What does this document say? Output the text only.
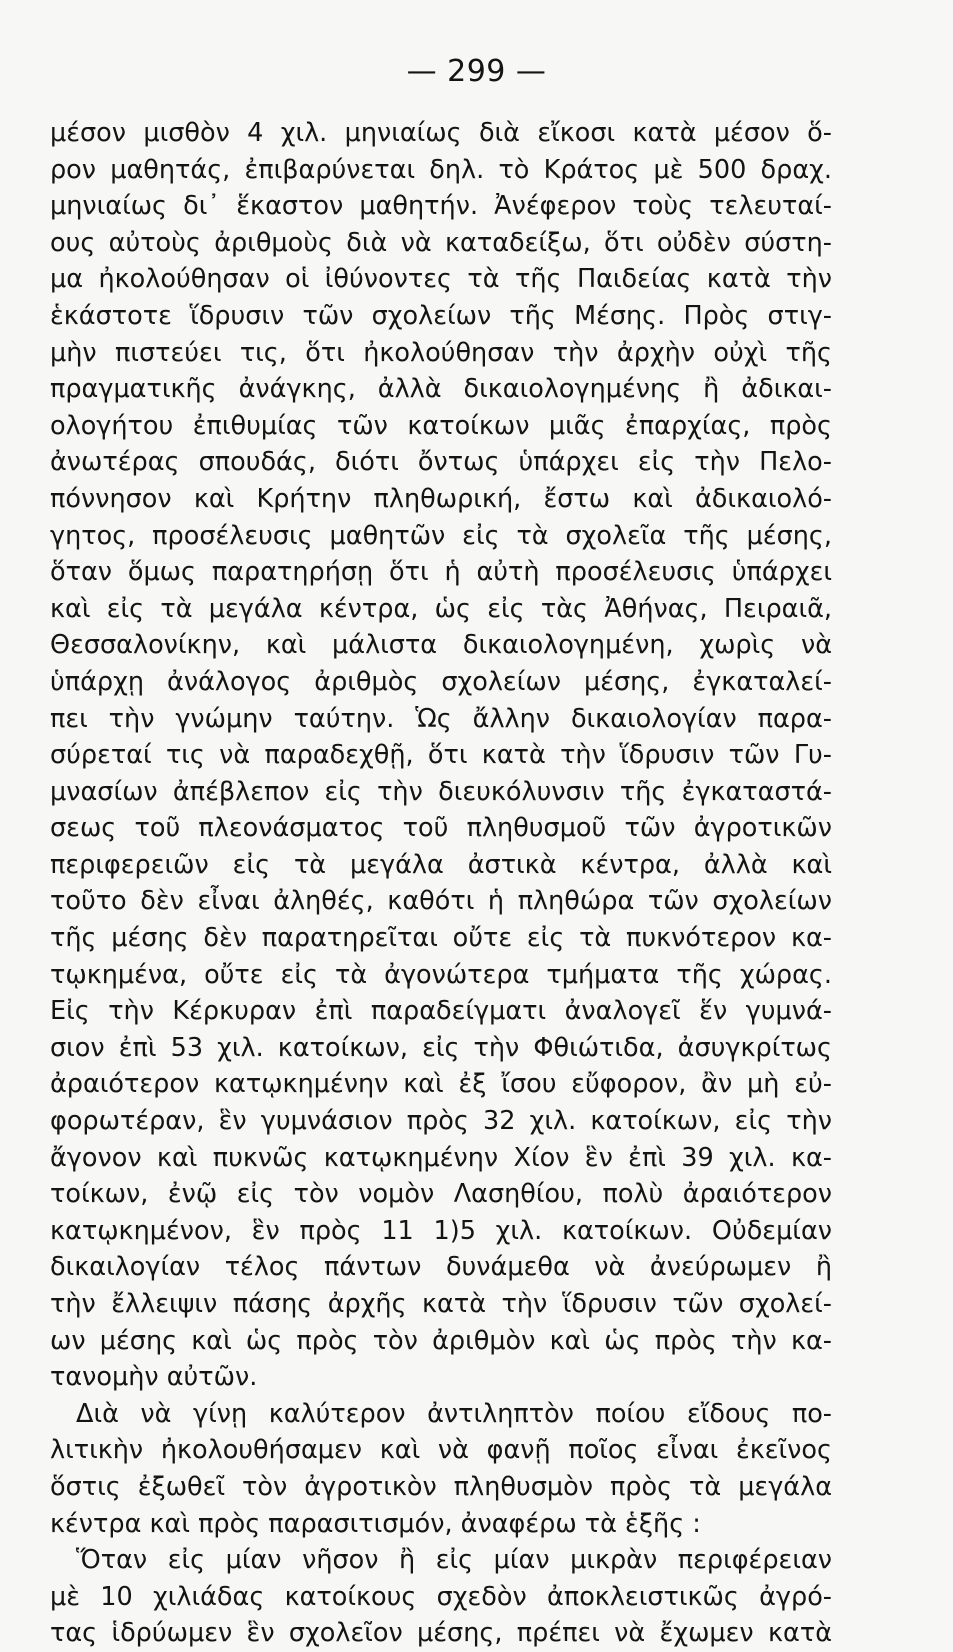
— 299 —
μέσον μισθὸν 4 χιλ. μηνιαίως διὰ εἴκοσι κατὰ μέσον ὅ-
ρον μαθητάς, ἐπιβαρύνεται δηλ. τὸ Κράτος μὲ 500 δραχ.
μηνιαίως δι᾽ ἕκαστον μαθητήν. Ἀνέφερον τοὺς τελευταί-
ους αὐτοὺς ἀριθμοὺς διὰ νὰ καταδείξω, ὅτι οὐδὲν σύστη-
μα ἠκολούθησαν οἱ ἰθύνοντες τὰ τῆς Παιδείας κατὰ τὴν
ἑκάστοτε ἵδρυσιν τῶν σχολείων τῆς Μέσης. Πρὸς στιγ-
μὴν πιστεύει τις, ὅτι ἠκολούθησαν τὴν ἀρχὴν οὐχὶ τῆς
πραγματικῆς ἀνάγκης, ἀλλὰ δικαιολογημένης ἢ ἀδικαι-
ολογήτου ἐπιθυμίας τῶν κατοίκων μιᾶς ἐπαρχίας, πρὸς
ἀνωτέρας σπουδάς, διότι ὄντως ὑπάρχει εἰς τὴν Πελο-
πόννησον καὶ Κρήτην πληθωρική, ἔστω καὶ ἀδικαιολό-
γητος, προσέλευσις μαθητῶν εἰς τὰ σχολεῖα τῆς μέσης,
ὅταν ὅμως παρατηρήσῃ ὅτι ἡ αὐτὴ προσέλευσις ὑπάρχει
καὶ εἰς τὰ μεγάλα κέντρα, ὡς εἰς τὰς Ἀθήνας, Πειραιᾶ,
Θεσσαλονίκην, καὶ μάλιστα δικαιολογημένη, χωρὶς νὰ
ὑπάρχῃ ἀνάλογος ἀριθμὸς σχολείων μέσης, ἐγκαταλεί-
πει τὴν γνώμην ταύτην. Ὡς ἄλλην δικαιολογίαν παρα-
σύρεταί τις νὰ παραδεχθῇ, ὅτι κατὰ τὴν ἵδρυσιν τῶν Γυ-
μνασίων ἀπέβλεπον εἰς τὴν διευκόλυνσιν τῆς ἐγκαταστά-
σεως τοῦ πλεονάσματος τοῦ πληθυσμοῦ τῶν ἀγροτικῶν
περιφερειῶν εἰς τὰ μεγάλα ἀστικὰ κέντρα, ἀλλὰ καὶ
τοῦτο δὲν εἶναι ἀληθές, καθότι ἡ πληθώρα τῶν σχολείων
τῆς μέσης δὲν παρατηρεῖται οὔτε εἰς τὰ πυκνότερον κα-
τῳκημένα, οὔτε εἰς τὰ ἀγονώτερα τμήματα τῆς χώρας.
Εἰς τὴν Κέρκυραν ἐπὶ παραδείγματι ἀναλογεῖ ἕν γυμνά-
σιον ἐπὶ 53 χιλ. κατοίκων, εἰς τὴν Φθιώτιδα, ἀσυγκρίτως
ἀραιότερον κατῳκημένην καὶ ἐξ ἴσου εὔφορον, ἂν μὴ εὐ-
φορωτέραν, ἓν γυμνάσιον πρὸς 32 χιλ. κατοίκων, εἰς τὴν
ἄγονον καὶ πυκνῶς κατῳκημένην Χίον ἓν ἐπὶ 39 χιλ. κα-
τοίκων, ἐνῷ εἰς τὸν νομὸν Λασηθίου, πολὺ ἀραιότερον
κατῳκημένον, ἓν πρὸς 11 1)5 χιλ. κατοίκων. Οὐδεμίαν
δικαιλογίαν τέλος πάντων δυνάμεθα νὰ ἀνεύρωμεν ἢ
τὴν ἔλλειψιν πάσης ἀρχῆς κατὰ τὴν ἵδρυσιν τῶν σχολεί-
ων μέσης καὶ ὡς πρὸς τὸν ἀριθμὸν καὶ ὡς πρὸς τὴν κα-
τανομὴν αὐτῶν.
Διὰ νὰ γίνῃ καλύτερον ἀντιληπτὸν ποίου εἴδους πο-
λιτικὴν ἠκολουθήσαμεν καὶ νὰ φανῇ ποῖος εἶναι ἐκεῖνος
ὅστις ἐξωθεῖ τὸν ἀγροτικὸν πληθυσμὸν πρὸς τὰ μεγάλα
κέντρα καὶ πρὸς παρασιτισμόν, ἀναφέρω τὰ ἑξῆς :
Ὅταν εἰς μίαν νῆσον ἢ εἰς μίαν μικρὰν περιφέρειαν
μὲ 10 χιλιάδας κατοίκους σχεδὸν ἀποκλειστικῶς ἀγρό-
τας ἱδρύωμεν ἓν σχολεῖον μέσης, πρέπει νὰ ἔχωμεν κατὰ
